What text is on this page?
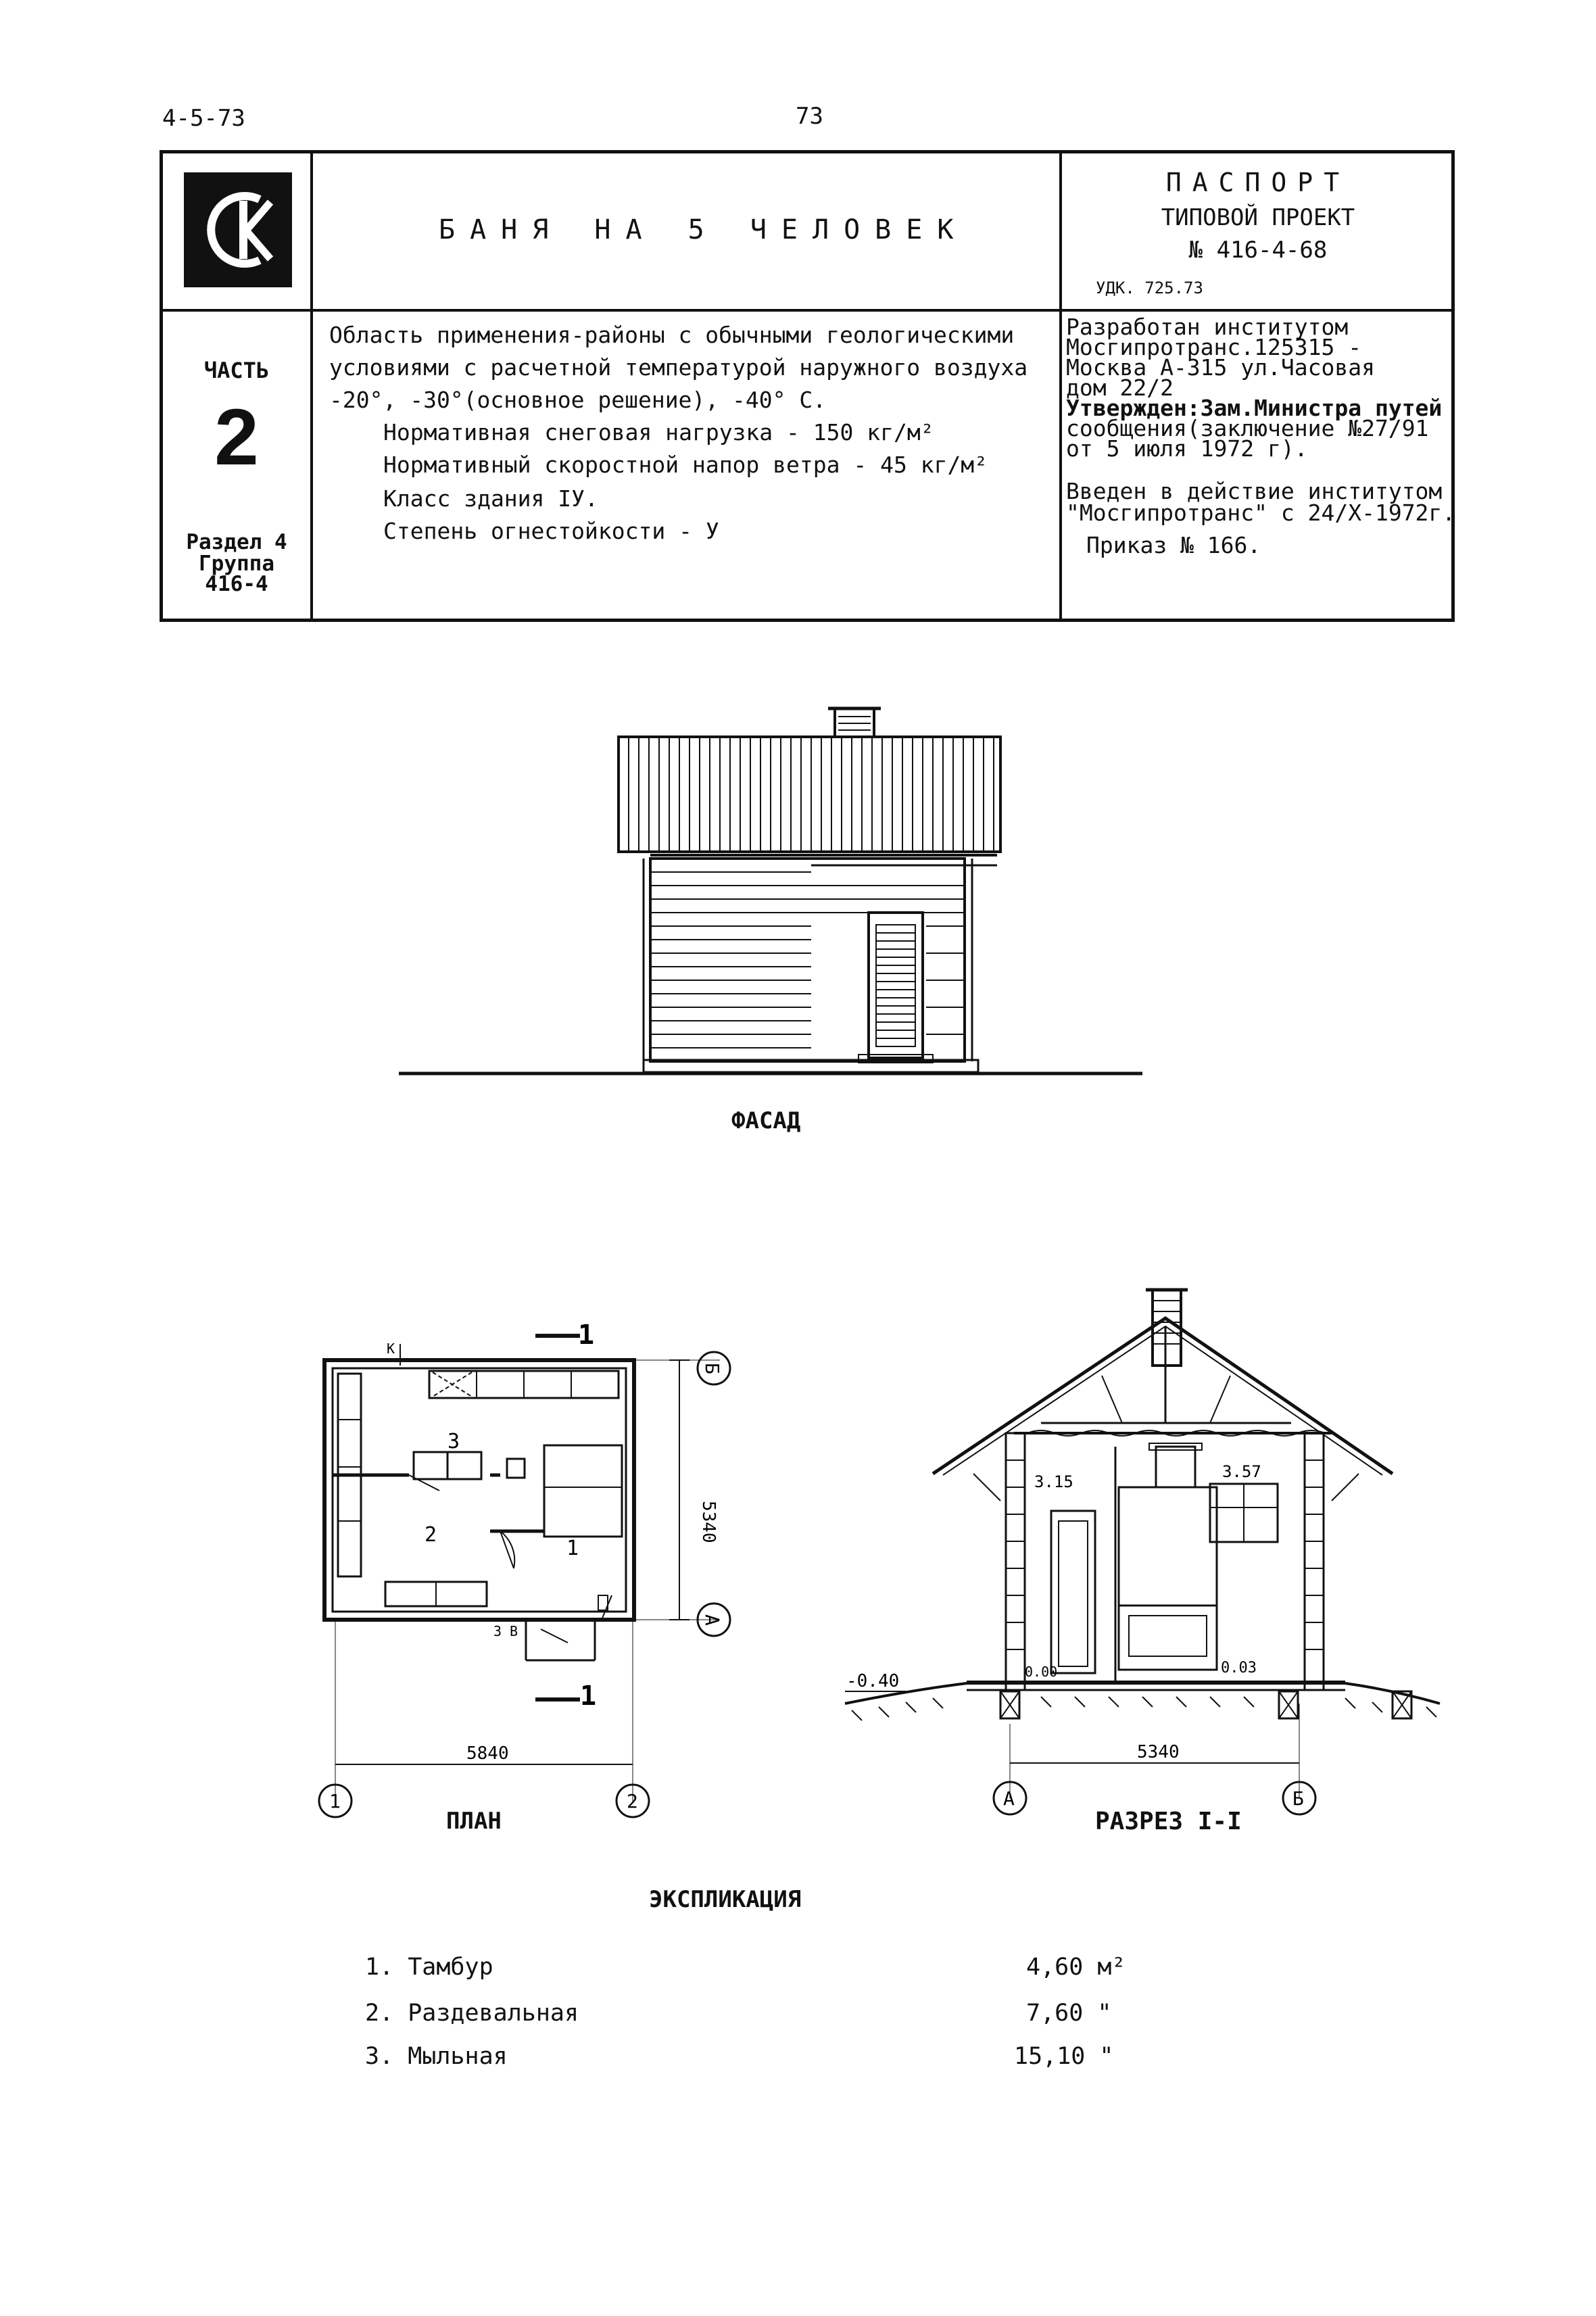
4-5-73	73
БАНЯ НА 5 ЧЕЛОВЕК
ПАСПОРТ
ТИПОВОЙ ПРОЕКТ
№ 416-4-68
УДК. 725.73
ЧАСТЬ
2
Раздел 4
Группа
416-4
Область применения-районы с обычными геологическими
условиями с расчетной температурой наружного воздуха
-20°, -30°(основное решение), -40° С.
Нормативная снеговая нагрузка - 150 кг/м²
Нормативный скоростной напор ветра - 45 кг/м²
Класс здания IУ.
Степень огнестойкости - У
Разработан институтом
Мосгипротранс.125315 -
Москва А-315 ул.Часовая
дом 22/2
Утвержден:Зам.Министра путей
сообщения(заключение №27/91
от 5 июля 1972 г).
Введен в действие институтом
"Мосгипротранс" с 24/X-1972г.
Приказ № 166.
ФАСАД
1
1
К
3 В
3
2
1
5340
Б
А
5840
1	2
ПЛАН
-0.40
3.15
3.57
0.00	0.03
5340
А	Б
РАЗРЕЗ I-I
ЭКСПЛИКАЦИЯ
1. Тамбур	4,60 м²
2. Раздевальная	7,60 "
3. Мыльная	15,10 "
